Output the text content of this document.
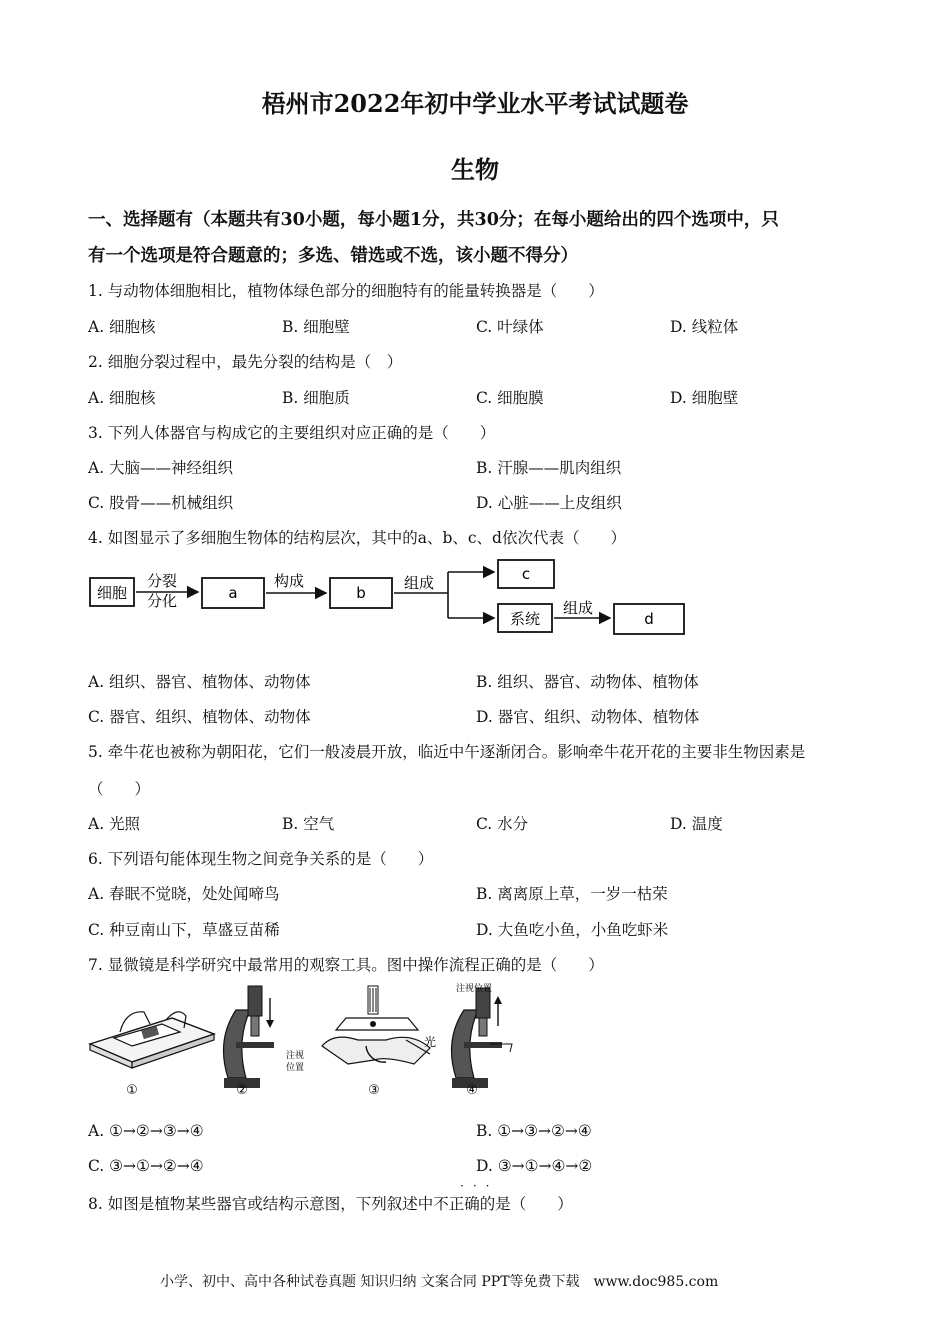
梧州市2022年初中学业水平考试试题卷
生物
一、选择题有（本题共有30小题，每小题1分，共30分；在每小题给出的四个选项中，只
有一个选项是符合题意的；多选、错选或不选，该小题不得分）
1. 与动物体细胞相比，植物体绿色部分的细胞特有的能量转换器是（　　）
A. 细胞核	B. 细胞壁	C. 叶绿体	D. 线粒体
2. 细胞分裂过程中，最先分裂的结构是（　）
A. 细胞核	B. 细胞质	C. 细胞膜	D. 细胞壁
3. 下列人体器官与构成它的主要组织对应正确的是（　　）
A. 大脑——神经组织	B. 汗腺——肌肉组织
C. 股骨——机械组织	D. 心脏——上皮组织
4. 如图显示了多细胞生物体的结构层次，其中的a、b、c、d依次代表（　　）
细胞
分裂
分化	a
构成
b
组成	c
系统
组成
d
A. 组织、器官、植物体、动物体	B. 组织、器官、动物体、植物体
C. 器官、组织、植物体、动物体	D. 器官、组织、动物体、植物体
5. 牵牛花也被称为朝阳花，它们一般凌晨开放，临近中午逐渐闭合。影响牵牛花开花的主要非生物因素是
（　　）
A. 光照	B. 空气	C. 水分	D. 温度
6. 下列语句能体现生物之间竞争关系的是（　　）
A. 春眠不觉晓，处处闻啼鸟	B. 离离原上草，一岁一枯荣
C. 种豆南山下，草盛豆苗稀	D. 大鱼吃小鱼，小鱼吃虾米
7. 显微镜是科学研究中最常用的观察工具。图中操作流程正确的是（　　）
①
注视
位置
②
光
③
注视位置
④
A. ①→②→③→④	B. ①→③→②→④
C. ③→①→②→④	D. ③→①→④→②
···
8. 如图是植物某些器官或结构示意图，下列叙述中不正确的是（　　）
小学、初中、高中各种试卷真题 知识归纳 文案合同 PPT等免费下载 www.doc985.com
